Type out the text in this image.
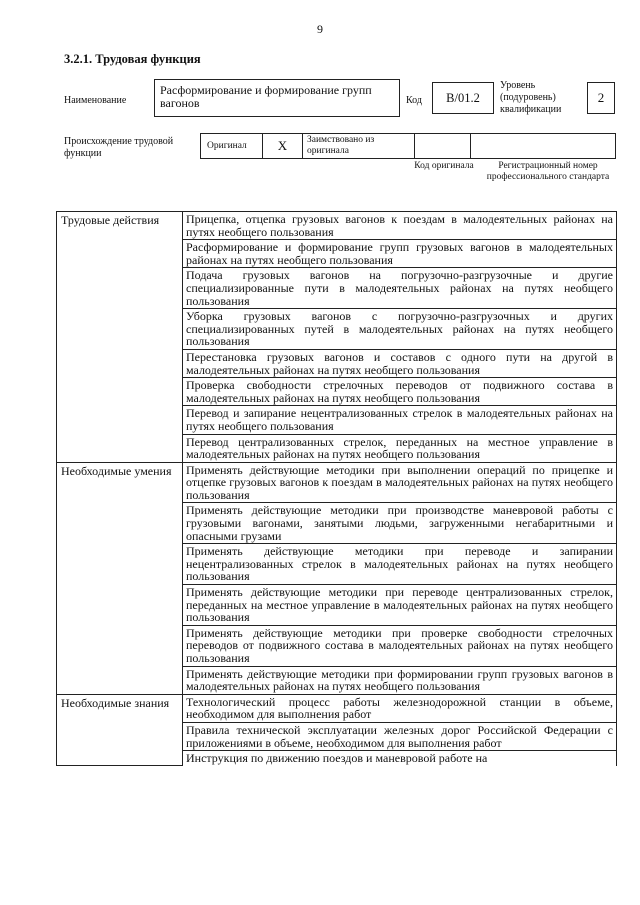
9
3.2.1. Трудовая функция
Наименование
Расформирование и формирование групп вагонов	Код	В/01.2
Уровень (подуровень) квалификации
2
Происхождение трудовой функции
Оригинал	X	Заимствовано из оригинала
Код оригинала	Регистрационный номер профессионального стандарта
Трудовые действия	Прицепка, отцепка грузовых вагонов к поездам в малодеятельных районах на путях необщего пользования
	Расформирование и формирование групп грузовых вагонов в малодеятельных районах на путях необщего пользования
	Подача грузовых вагонов на погрузочно-разгрузочные и другие специализированные пути в малодеятельных районах на путях необщего пользования
	Уборка грузовых вагонов с погрузочно-разгрузочных и других специализированных путей в малодеятельных районах на путях необщего пользования
	Перестановка грузовых вагонов и составов с одного пути на другой в малодеятельных районах на путях необщего пользования
	Проверка свободности стрелочных переводов от подвижного состава в малодеятельных районах на путях необщего пользования
	Перевод и запирание нецентрализованных стрелок в малодеятельных районах на путях необщего пользования
	Перевод централизованных стрелок, переданных на местное управление в малодеятельных районах на путях необщего пользования
Необходимые умения	Применять действующие методики при выполнении операций по прицепке и отцепке грузовых вагонов к поездам в малодеятельных районах на путях необщего пользования
	Применять действующие методики при производстве маневровой работы с грузовыми вагонами, занятыми людьми, загруженными негабаритными и опасными грузами
	Применять действующие методики при переводе и запирании нецентрализованных стрелок в малодеятельных районах на путях необщего пользования
	Применять действующие методики при переводе централизованных стрелок, переданных на местное управление в малодеятельных районах на путях необщего пользования
	Применять действующие методики при проверке свободности стрелочных переводов от подвижного состава в малодеятельных районах на путях необщего пользования
	Применять действующие методики при формировании групп грузовых вагонов в малодеятельных районах на путях необщего пользования
Необходимые знания	Технологический процесс работы железнодорожной станции в объеме, необходимом для выполнения работ
	Правила технической эксплуатации железных дорог Российской Федерации с приложениями в объеме, необходимом для выполнения работ
	Инструкция по движению поездов и маневровой работе на
